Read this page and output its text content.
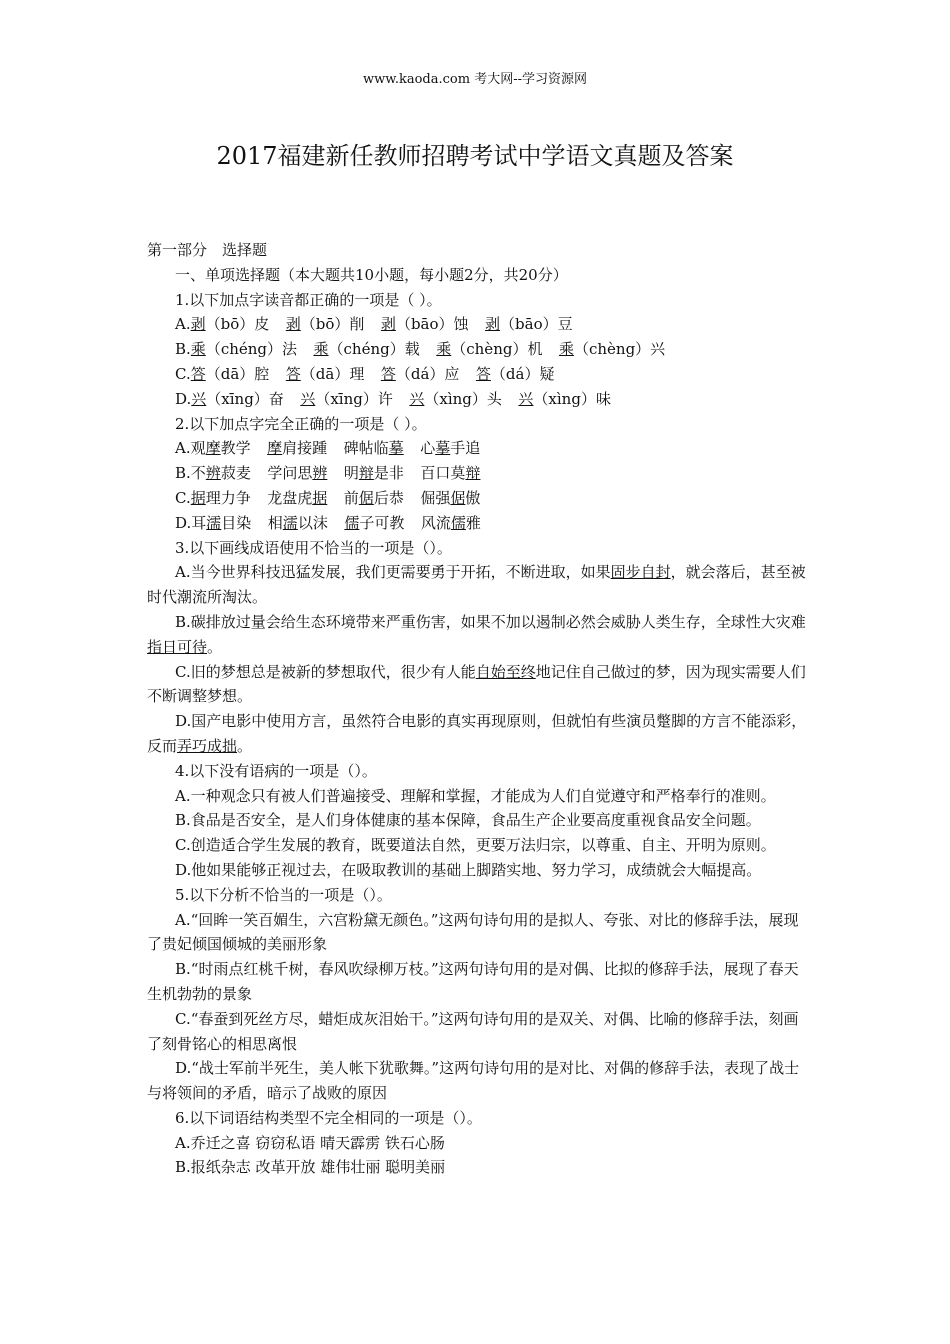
www.kaoda.com 考大网--学习资源网
2017福建新任教师招聘考试中学语文真题及答案
第一部分　选择题
一、单项选择题（本大题共10小题，每小题2分，共20分）
1.以下加点字读音都正确的一项是（ ）。
A.剥（bō）皮 剥（bō）削 剥（bāo）蚀 剥（bāo）豆
B.乘（chéng）法 乘（chéng）载 乘（chèng）机 乘（chèng）兴
C.答（dā）腔 答（dā）理 答（dá）应 答（dá）疑
D.兴（xīng）奋 兴（xīng）许 兴（xìng）头 兴（xìng）味
2.以下加点字完全正确的一项是（ ）。
A.观摩教学 摩肩接踵 碑帖临摹 心摹手追
B.不辨菽麦 学问思辨 明辩是非 百口莫辩
C.据理力争 龙盘虎据 前倨后恭 倔强倨傲
D.耳濡目染 相濡以沫 儒子可教 风流儒雅
3.以下画线成语使用不恰当的一项是（）。
A.当今世界科技迅猛发展，我们更需要勇于开拓，不断进取，如果固步自封，就会落后，甚至被时代潮流所淘汰。
B.碳排放过量会给生态环境带来严重伤害，如果不加以遏制必然会威胁人类生存，全球性大灾难指日可待。
C.旧的梦想总是被新的梦想取代，很少有人能自始至终地记住自己做过的梦，因为现实需要人们不断调整梦想。
D.国产电影中使用方言，虽然符合电影的真实再现原则，但就怕有些演员蹩脚的方言不能添彩，反而弄巧成拙。
4.以下没有语病的一项是（）。
A.一种观念只有被人们普遍接受、理解和掌握，才能成为人们自觉遵守和严格奉行的准则。
B.食品是否安全，是人们身体健康的基本保障，食品生产企业要高度重视食品安全问题。
C.创造适合学生发展的教育，既要道法自然，更要万法归宗，以尊重、自主、开明为原则。
D.他如果能够正视过去，在吸取教训的基础上脚踏实地、努力学习，成绩就会大幅提高。
5.以下分析不恰当的一项是（）。
A.“回眸一笑百媚生，六宫粉黛无颜色。”这两句诗句用的是拟人、夸张、对比的修辞手法，展现了贵妃倾国倾城的美丽形象
B.“时雨点红桃千树，春风吹绿柳万枝。”这两句诗句用的是对偶、比拟的修辞手法，展现了春天生机勃勃的景象
C.“春蚕到死丝方尽，蜡炬成灰泪始干。”这两句诗句用的是双关、对偶、比喻的修辞手法，刻画了刻骨铭心的相思离恨
D.“战士军前半死生，美人帐下犹歌舞。”这两句诗句用的是对比、对偶的修辞手法，表现了战士与将领间的矛盾，暗示了战败的原因
6.以下词语结构类型不完全相同的一项是（）。
A.乔迁之喜 窃窃私语 晴天霹雳 铁石心肠
B.报纸杂志 改革开放 雄伟壮丽 聪明美丽
